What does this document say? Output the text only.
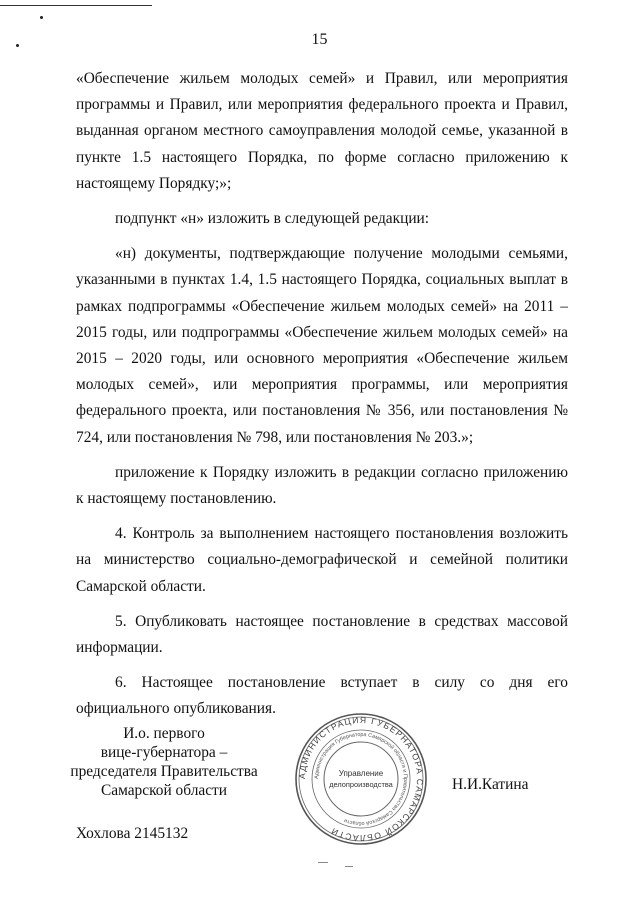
15

«Обеспечение жильем молодых семей» и Правил, или мероприятия программы и Правил, или мероприятия федерального проекта и Правил, выданная органом местного самоуправления молодой семье, указанной в пункте 1.5 настоящего Порядка, по форме согласно приложению к настоящему Порядку;»;

подпункт «н» изложить в следующей редакции:

«н) документы, подтверждающие получение молодыми семьями, указанными в пунктах 1.4, 1.5 настоящего Порядка, социальных выплат в рамках подпрограммы «Обеспечение жильем молодых семей» на 2011 – 2015 годы, или подпрограммы «Обеспечение жильем молодых семей» на 2015 – 2020 годы, или основного мероприятия «Обеспечение жильем молодых семей», или мероприятия программы, или мероприятия федерального проекта, или постановления № 356, или постановления № 724, или постановления № 798, или постановления № 203.»;

приложение к Порядку изложить в редакции согласно приложению к настоящему постановлению.

4. Контроль за выполнением настоящего постановления возложить на министерство социально-демографической и семейной политики Самарской области.

5. Опубликовать настоящее постановление в средствах массовой информации.

6. Настоящее постановление вступает в силу со дня его официального опубликования.

И.о. первого
вице-губернатора –
председателя Правительства
Самарской области
АДМИНИСТРАЦИЯ ГУБЕРНАТОРА САМАРСКОЙ ОБЛАСТИ
Администрация Губернатора Самарской области и Правительства Самарской области
Управление
делопроизводства	Н.И.Катина
Хохлова 2145132
